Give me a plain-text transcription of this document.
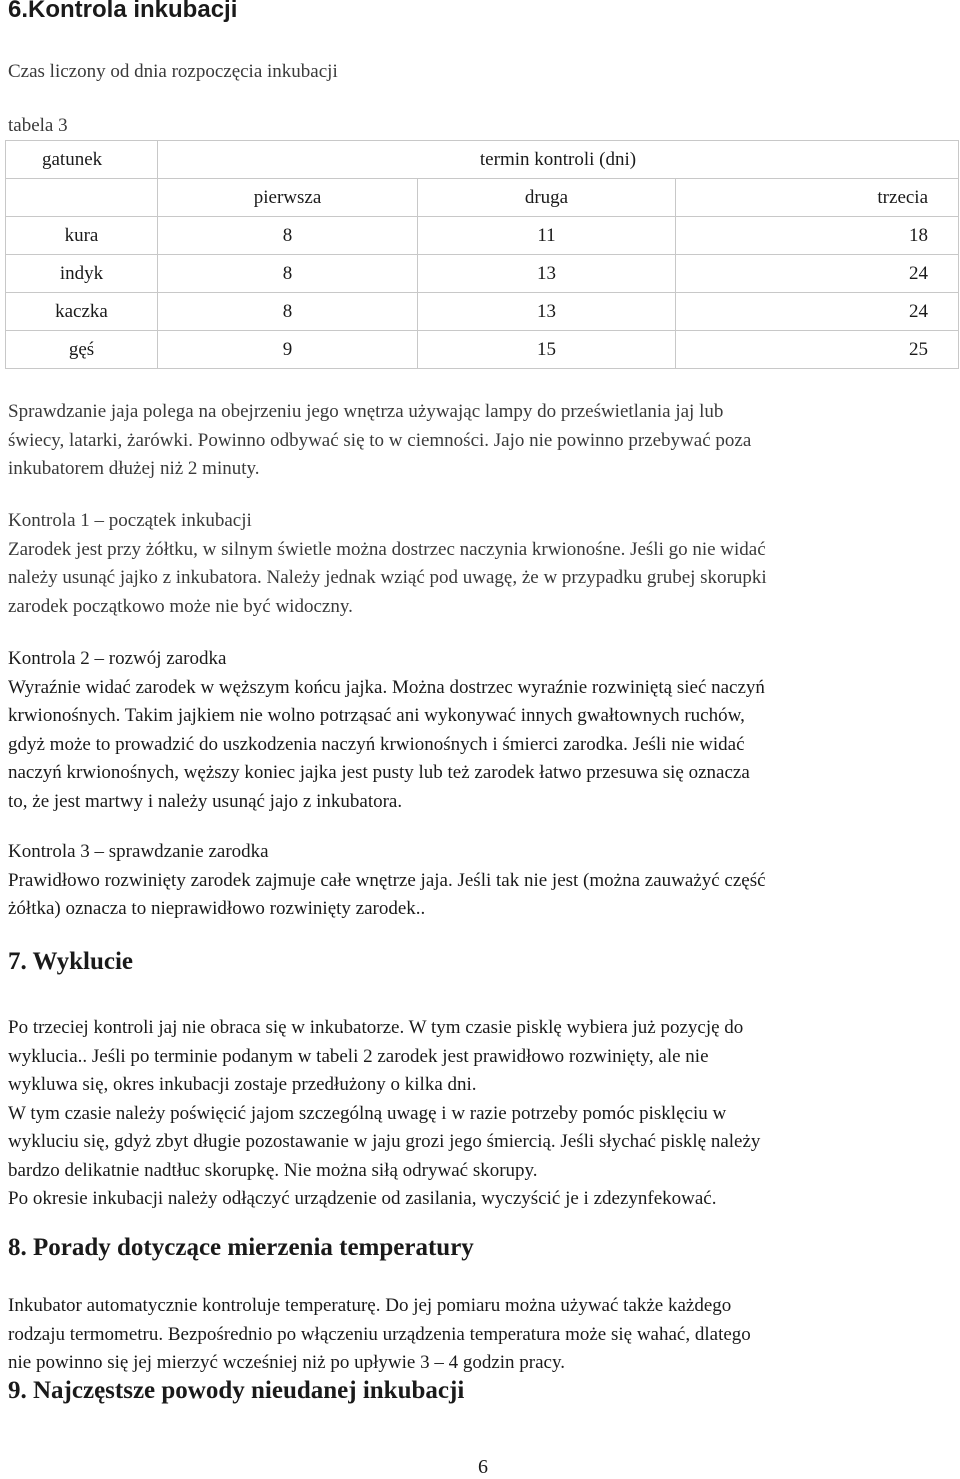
6.Kontrola inkubacji
Czas liczony od dnia rozpoczęcia inkubacji
tabela 3
gatunek	termin kontroli (dni)		
	pierwsza	druga	trzecia
kura	8	11	18
indyk	8	13	24
kaczka	8	13	24
gęś	9	15	25
Sprawdzanie jaja polega na obejrzeniu jego wnętrza używając lampy do prześwietlania jaj lub
świecy, latarki, żarówki. Powinno odbywać się to w ciemności. Jajo nie powinno przebywać poza
inkubatorem dłużej niż 2 minuty.
Kontrola 1 – początek inkubacji
Zarodek jest przy żółtku, w silnym świetle można dostrzec naczynia krwionośne. Jeśli go nie widać
należy usunąć jajko z inkubatora. Należy jednak wziąć pod uwagę, że w przypadku grubej skorupki
zarodek początkowo może nie być widoczny.
Kontrola 2 – rozwój zarodka
Wyraźnie widać zarodek w węższym końcu jajka. Można dostrzec wyraźnie rozwiniętą sieć naczyń
krwionośnych. Takim jajkiem nie wolno potrząsać ani wykonywać innych gwałtownych ruchów,
gdyż może to prowadzić do uszkodzenia naczyń krwionośnych i śmierci zarodka. Jeśli nie widać
naczyń krwionośnych, węższy koniec jajka jest pusty lub też zarodek łatwo przesuwa się oznacza
to, że jest martwy i należy usunąć jajo z inkubatora.
Kontrola 3 – sprawdzanie zarodka
Prawidłowo rozwinięty zarodek zajmuje całe wnętrze jaja. Jeśli tak nie jest (można zauważyć część
żółtka) oznacza to nieprawidłowo rozwinięty zarodek..
7. Wyklucie
Po trzeciej kontroli jaj nie obraca się w inkubatorze. W tym czasie pisklę wybiera już pozycję do
wyklucia.. Jeśli po terminie podanym w tabeli 2 zarodek jest prawidłowo rozwinięty, ale nie
wykluwa się, okres inkubacji zostaje przedłużony o kilka dni.
W tym czasie należy poświęcić jajom szczególną uwagę i w razie potrzeby pomóc pisklęciu w
wykluciu się, gdyż zbyt długie pozostawanie w jaju grozi jego śmiercią. Jeśli słychać pisklę należy
bardzo delikatnie nadtłuc skorupkę. Nie można siłą odrywać skorupy.
Po okresie inkubacji należy odłączyć urządzenie od zasilania, wyczyścić je i zdezynfekować.
8. Porady dotyczące mierzenia temperatury
Inkubator automatycznie kontroluje temperaturę. Do jej pomiaru można używać także każdego
rodzaju termometru. Bezpośrednio po włączeniu urządzenia temperatura może się wahać, dlatego
nie powinno się jej mierzyć wcześniej niż po upływie 3 – 4 godzin pracy.
9. Najczęstsze powody nieudanej inkubacji
6
